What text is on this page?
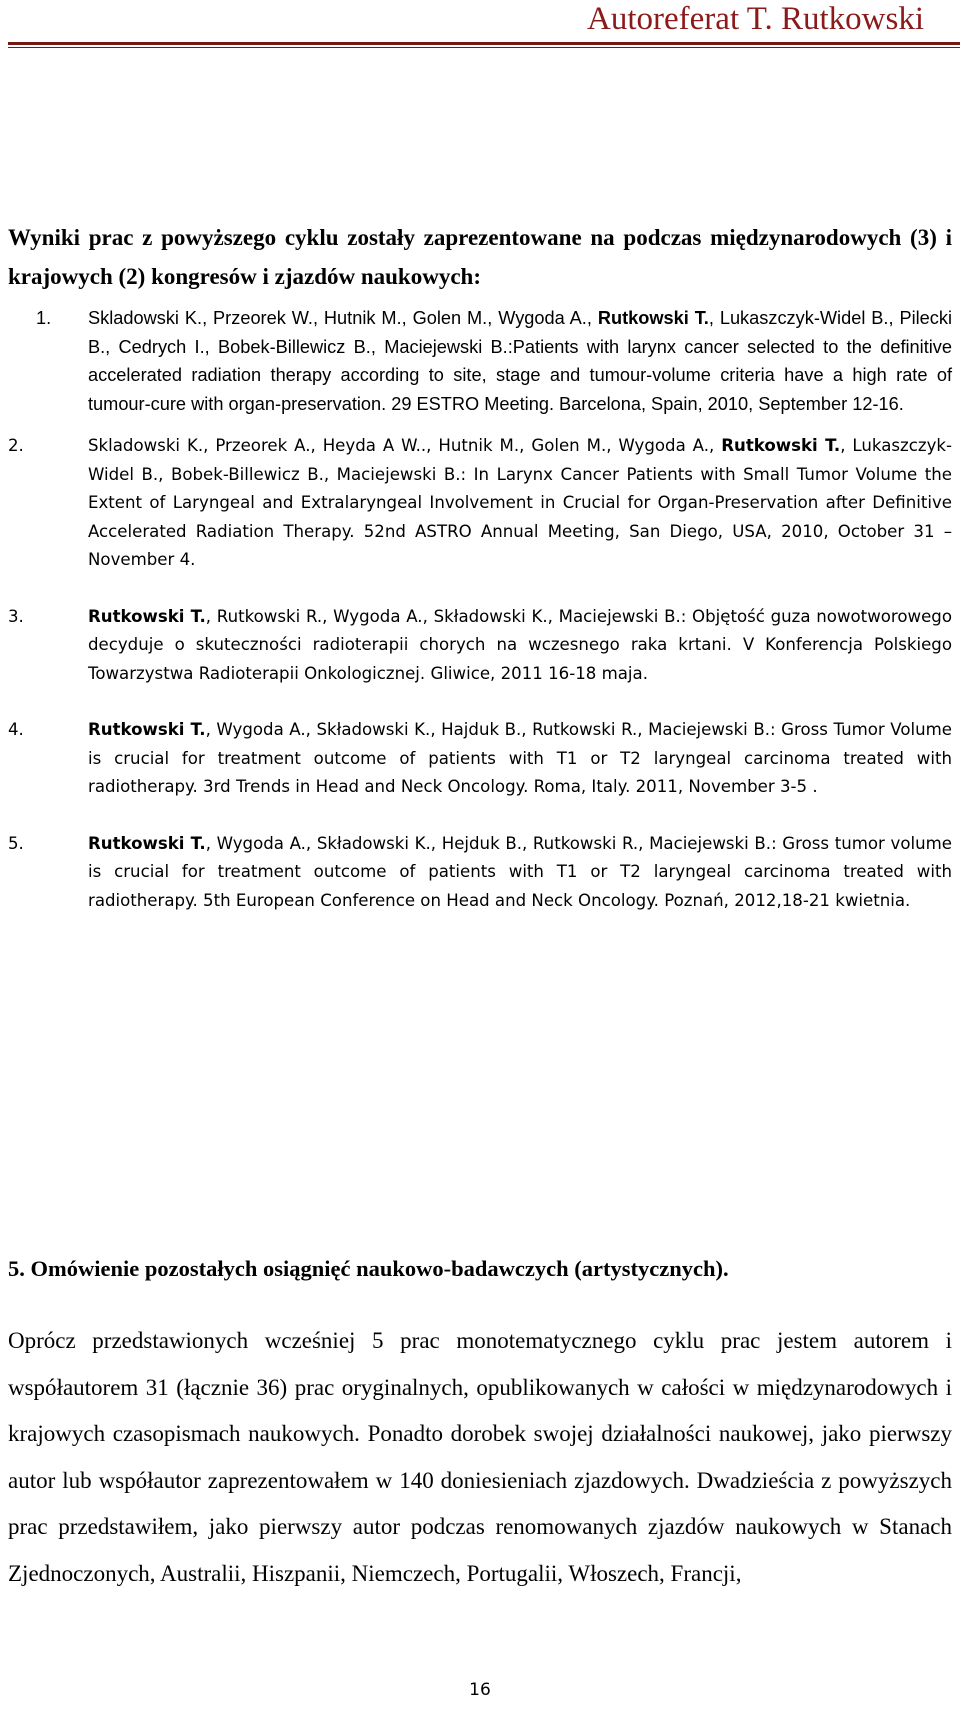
Autoreferat T. Rutkowski

Wyniki prac z powyższego cyklu zostały zaprezentowane na podczas międzynarodowych (3) i krajowych (2) kongresów i zjazdów naukowych:

1. Skladowski K., Przeorek W., Hutnik M., Golen M., Wygoda A., Rutkowski T., Lukaszczyk-Widel B., Pilecki B., Cedrych I., Bobek-Billewicz B., Maciejewski B.:Patients with larynx cancer selected to the definitive accelerated radiation therapy according to site, stage and tumour-volume criteria have a high rate of tumour-cure with organ-preservation. 29 ESTRO Meeting. Barcelona, Spain, 2010, September 12-16.
2.	Skladowski K., Przeorek A., Heyda A W.., Hutnik M., Golen M., Wygoda A., Rutkowski T., Lukaszczyk-Widel B., Bobek-Billewicz B., Maciejewski B.: In Larynx Cancer Patients with Small Tumor Volume the Extent of Laryngeal and Extralaryngeal Involvement in Crucial for Organ-Preservation after Definitive Accelerated Radiation Therapy. 52nd ASTRO Annual Meeting, San Diego, USA, 2010, October 31 – November 4.
3.	Rutkowski T., Rutkowski R., Wygoda A., Składowski K., Maciejewski B.: Objętość guza nowotworowego decyduje o skuteczności radioterapii chorych na wczesnego raka krtani. V Konferencja Polskiego Towarzystwa Radioterapii Onkologicznej. Gliwice, 2011 16-18 maja.
4.	Rutkowski T., Wygoda A., Składowski K., Hajduk B., Rutkowski R., Maciejewski B.: Gross Tumor Volume is crucial for treatment outcome of patients with T1 or T2 laryngeal carcinoma treated with radiotherapy. 3rd Trends in Head and Neck Oncology. Roma, Italy. 2011, November 3-5 .
5.	Rutkowski T., Wygoda A., Składowski K., Hejduk B., Rutkowski R., Maciejewski B.: Gross tumor volume is crucial for treatment outcome of patients with T1 or T2 laryngeal carcinoma treated with radiotherapy. 5th European Conference on Head and Neck Oncology. Poznań, 2012,18-21 kwietnia.
5. Omówienie pozostałych osiągnięć naukowo-badawczych (artystycznych).

Oprócz przedstawionych wcześniej 5 prac monotematycznego cyklu prac jestem autorem i współautorem 31 (łącznie 36) prac oryginalnych, opublikowanych w całości w międzynarodowych i krajowych czasopismach naukowych. Ponadto dorobek swojej działalności naukowej, jako pierwszy autor lub współautor zaprezentowałem w 140 doniesieniach zjazdowych. Dwadzieścia z powyższych prac przedstawiłem, jako pierwszy autor podczas renomowanych zjazdów naukowych w Stanach Zjednoczonych, Australii, Hiszpanii, Niemczech, Portugalii, Włoszech, Francji,

16
